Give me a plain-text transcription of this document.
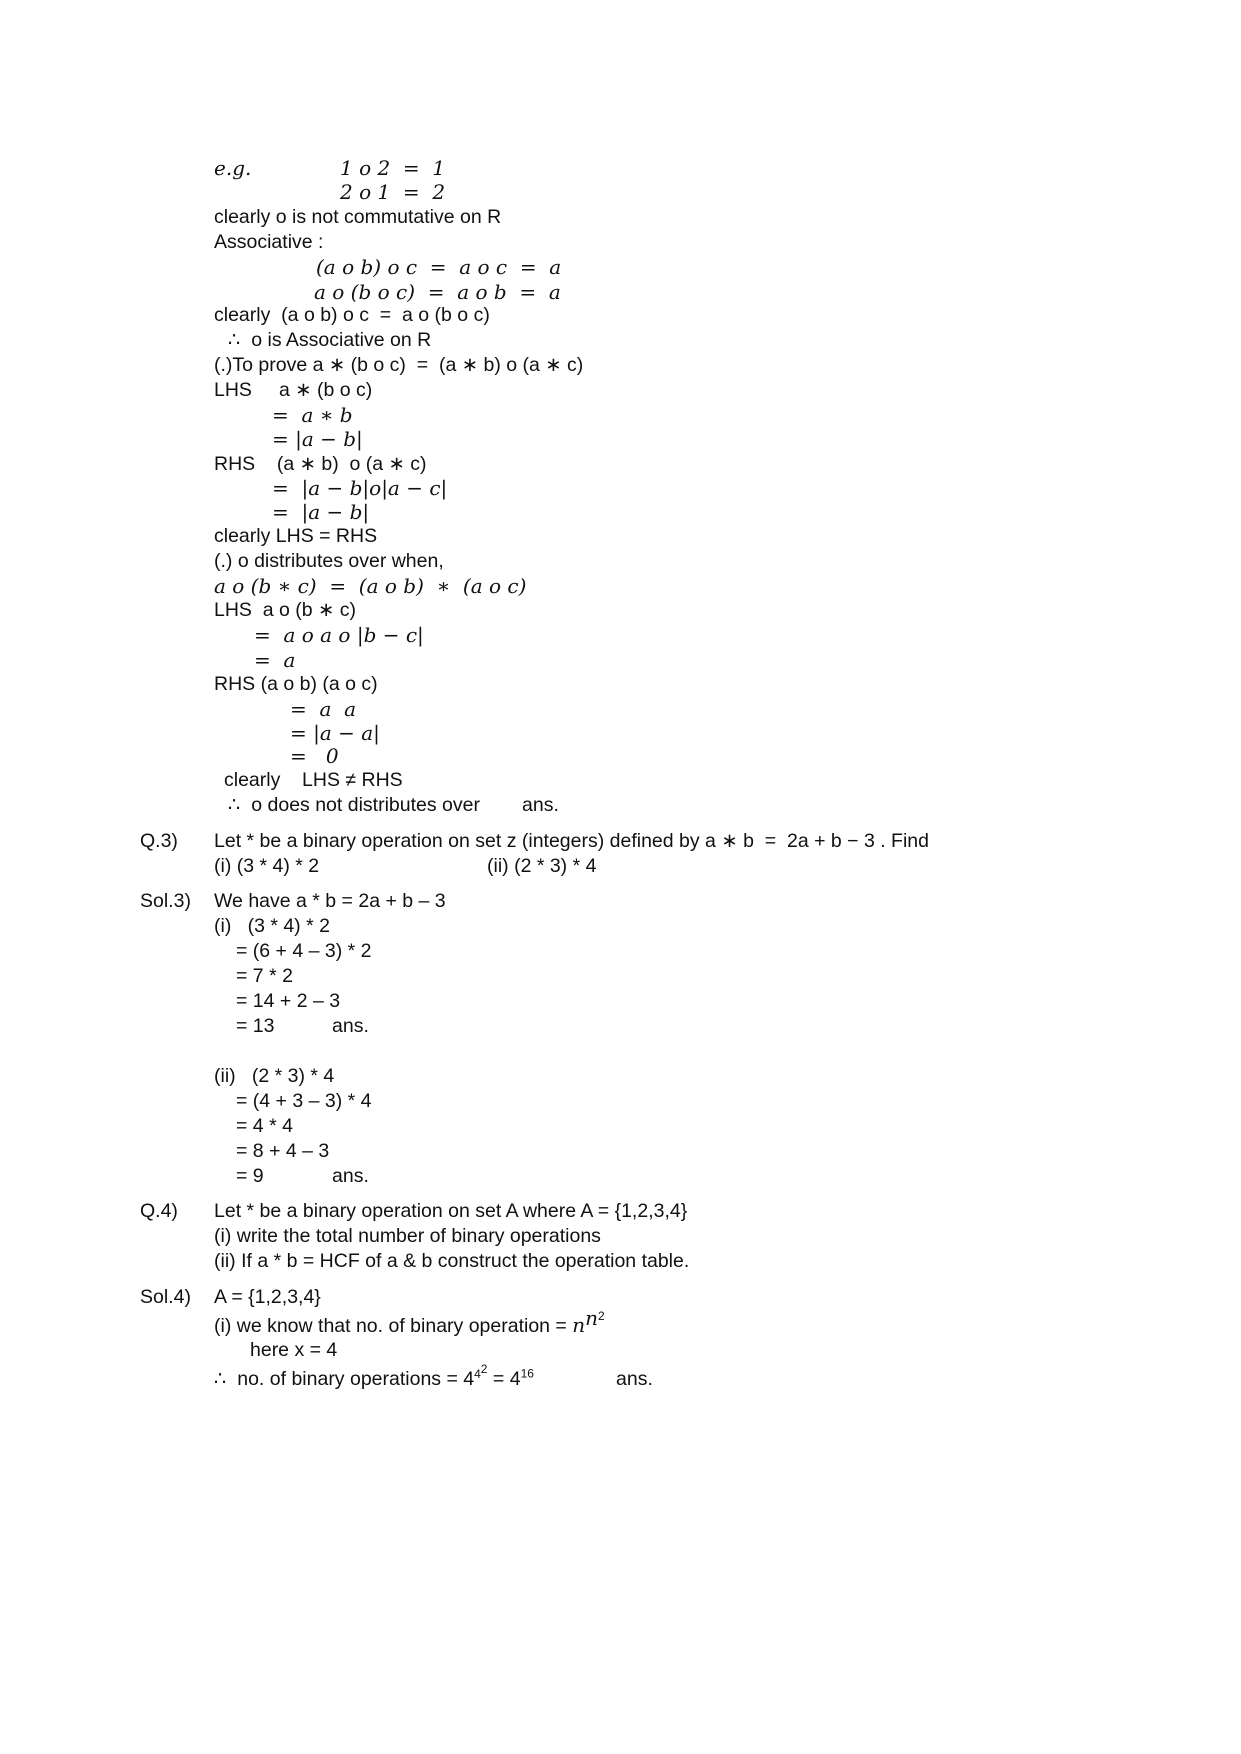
e.g.	1 o 2  =  1
2 o 1  =  2
clearly o is not commutative on R
Associative :
(a o b) o c  =  a o c  =  a
a o (b o c)  =  a o b  =  a
clearly  (a o b) o c  =  a o (b o c)
∴  o is Associative on R
(.)To prove a ∗ (b o c)  =  (a ∗ b) o (a ∗ c)
LHS     a ∗ (b o c)
=  a ∗ b
= |a − b|
RHS    (a ∗ b)  o (a ∗ c)
=  |a − b|o|a − c|
=  |a − b|
clearly LHS = RHS
(.) o distributes over when,
a o (b ∗ c)  =  (a o b)  ∗  (a o c)
LHS  a o (b ∗ c)
=  a o a o |b − c|
=  a
RHS (a o b) (a o c)
=  a  a
= |a − a|
=   0
clearly    LHS ≠ RHS
∴  o does not distributes over ans.
Q.3) Let * be a binary operation on set z (integers) defined by a ∗ b  =  2a + b − 3 . Find
(i) (3 * 4) * 2	(ii) (2 * 3) * 4
Sol.3) We have a * b = 2a + b – 3
(i)   (3 * 4) * 2
= (6 + 4 – 3) * 2
= 7 * 2
= 14 + 2 – 3
= 13	ans.
(ii)   (2 * 3) * 4
= (4 + 3 – 3) * 4
= 4 * 4
= 8 + 4 – 3
= 9	ans.
Q.4) Let * be a binary operation on set A where A = {1,2,3,4}
(i) write the total number of binary operations
(ii) If a * b = HCF of a & b construct the operation table.
Sol.4) A = {1,2,3,4}
(i) we know that no. of binary operation = $n^{n^2}$
here x = 4
∴  no. of binary operations = $4^{4^2} = 4^{16}$	ans.
